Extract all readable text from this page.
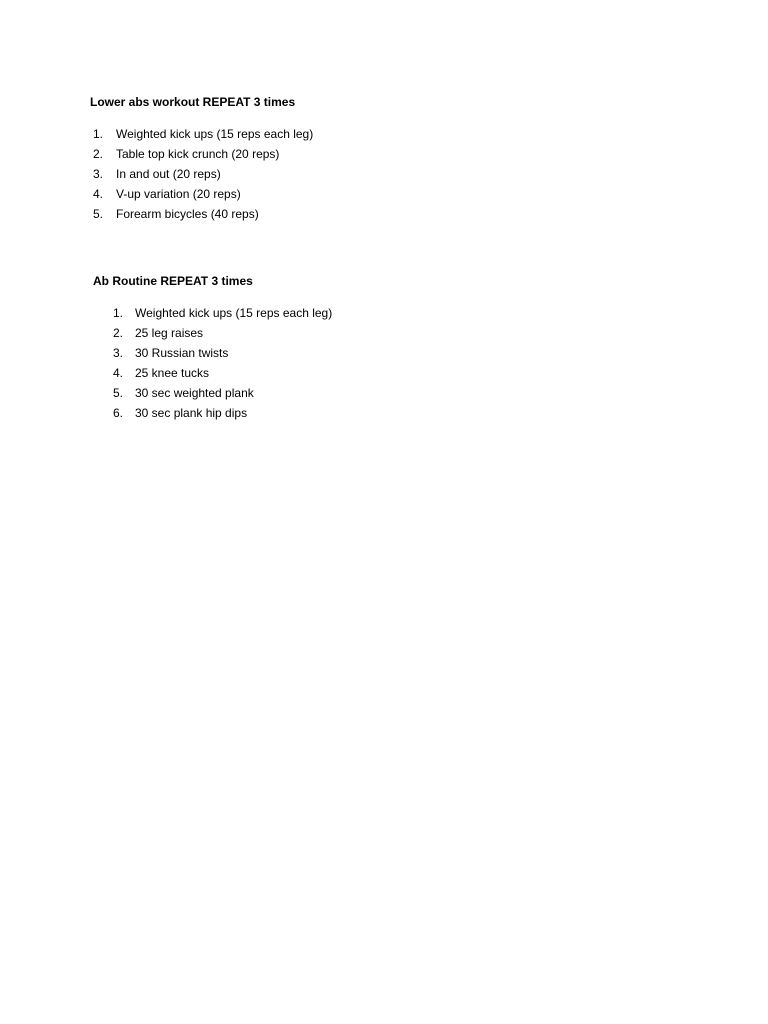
Lower abs workout REPEAT 3 times
1. Weighted kick ups (15 reps each leg)
2. Table top kick crunch (20 reps)
3. In and out (20 reps)
4. V-up variation (20 reps)
5. Forearm bicycles (40 reps)
Ab Routine REPEAT 3 times
1. Weighted kick ups (15 reps each leg)
2. 25 leg raises
3. 30 Russian twists
4. 25 knee tucks
5. 30 sec weighted plank
6. 30 sec plank hip dips
